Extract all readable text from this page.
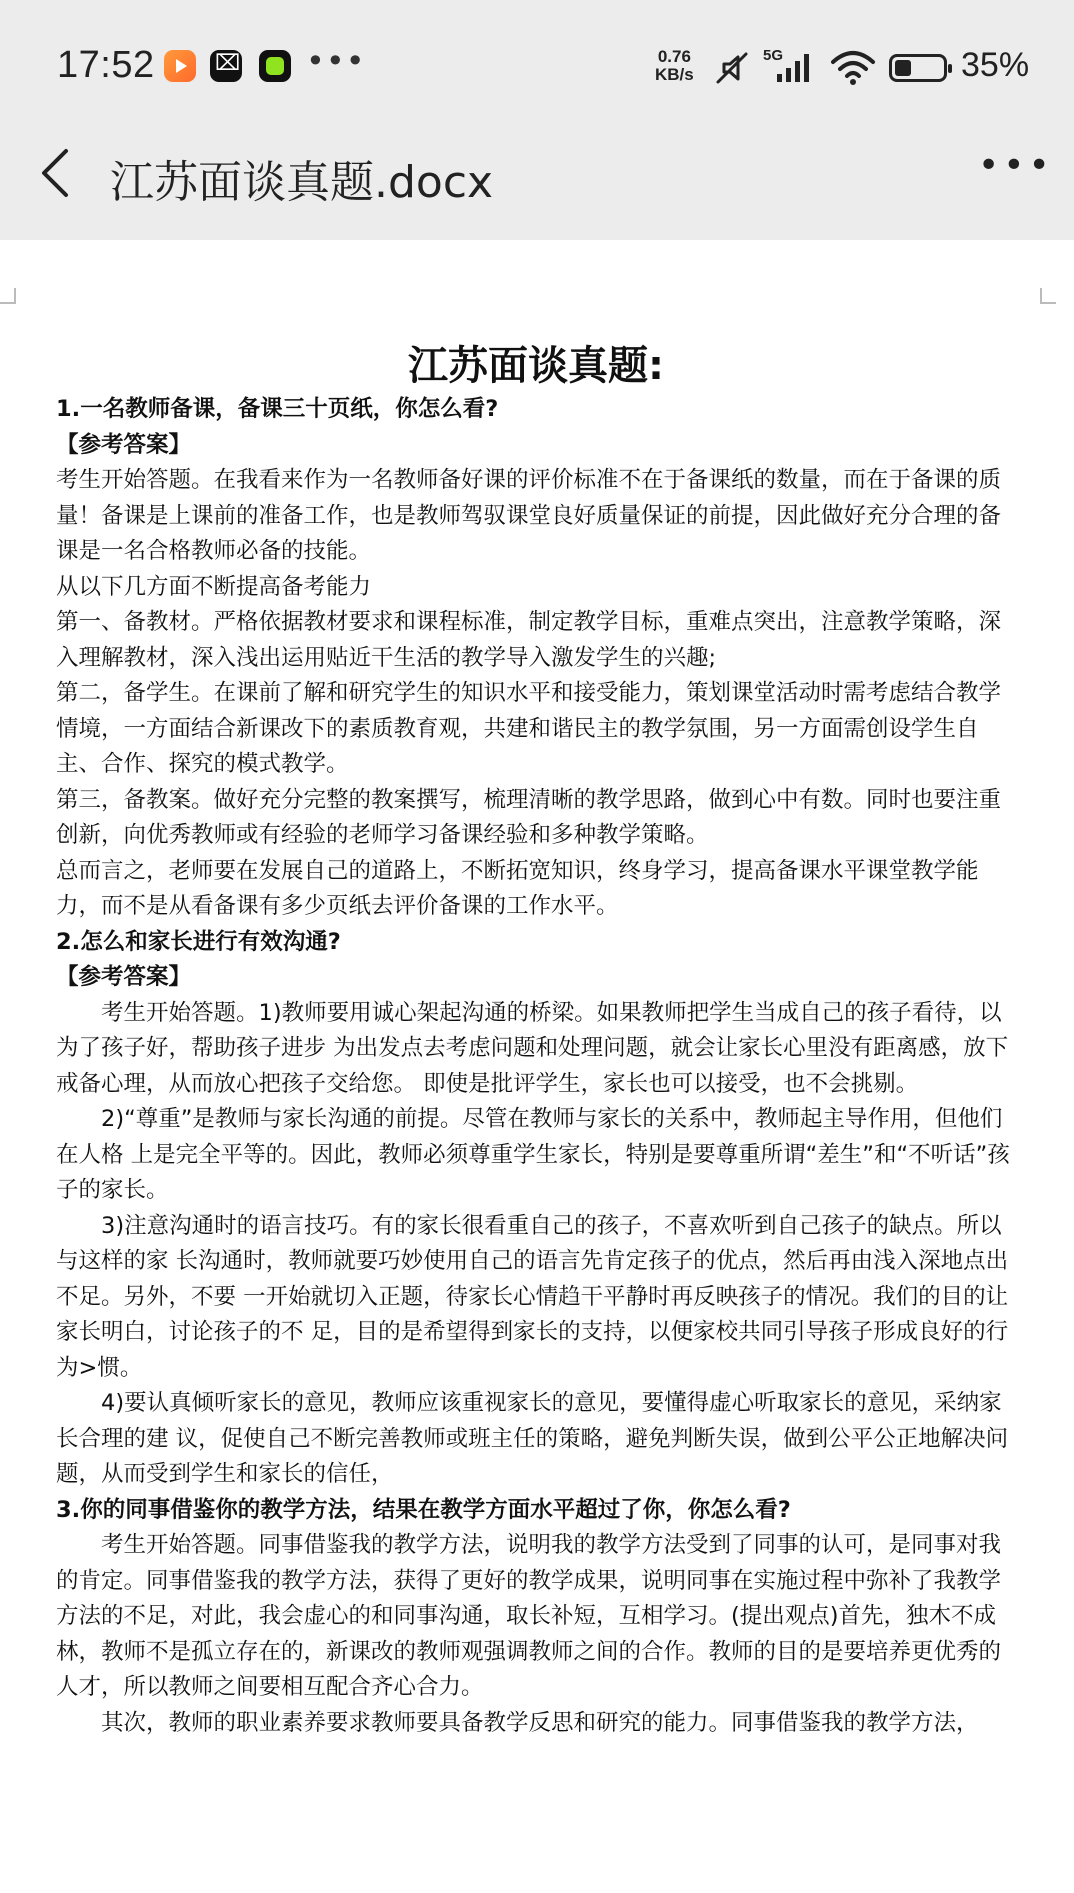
17:52
⌧	•••	0.76
KB/s
5G	35%
江苏面谈真题.docx	•••

江苏面谈真题:

1.一名教师备课，备课三十页纸，你怎么看?

【参考答案】

考生开始答题。在我看来作为一名教师备好课的评价标准不在于备课纸的数量，而在于备课的质量！备课是上课前的准备工作，也是教师驾驭课堂良好质量保证的前提，因此做好充分合理的备课是一名合格教师必备的技能。

从以下几方面不断提高备考能力

第一、备教材。严格依据教材要求和课程标准，制定教学目标，重难点突出，注意教学策略，深入理解教材，深入浅出运用贴近干生活的教学导入激发学生的兴趣;

第二，备学生。在课前了解和研究学生的知识水平和接受能力，策划课堂活动时需考虑结合教学情境，一方面结合新课改下的素质教育观，共建和谐民主的教学氛围，另一方面需创设学生自主、合作、探究的模式教学。

第三，备教案。做好充分完整的教案撰写，梳理清晰的教学思路，做到心中有数。同时也要注重创新，向优秀教师或有经验的老师学习备课经验和多种教学策略。

总而言之，老师要在发展自己的道路上，不断拓宽知识，终身学习，提高备课水平课堂教学能力，而不是从看备课有多少页纸去评价备课的工作水平。

2.怎么和家长进行有效沟通?

【参考答案】

考生开始答题。1)教师要用诚心架起沟通的桥梁。如果教师把学生当成自己的孩子看待，以为了孩子好，帮助孩子进步 为出发点去考虑问题和处理问题，就会让家长心里没有距离感，放下戒备心理，从而放心把孩子交给您。 即使是批评学生，家长也可以接受，也不会挑剔。

2)“尊重”是教师与家长沟通的前提。尽管在教师与家长的关系中，教师起主导作用，但他们在人格 上是完全平等的。因此，教师必须尊重学生家长，特别是要尊重所谓“差生”和“不听话”孩子的家长。

3)注意沟通时的语言技巧。有的家长很看重自己的孩子，不喜欢听到自己孩子的缺点。所以与这样的家 长沟通时，教师就要巧妙使用自己的语言先肯定孩子的优点，然后再由浅入深地点出不足。另外，不要 一开始就切入正题，待家长心情趋干平静时再反映孩子的情况。我们的目的让家长明白，讨论孩子的不 足，目的是希望得到家长的支持，以便家校共同引导孩子形成良好的行为>惯。

4)要认真倾听家长的意见，教师应该重视家长的意见，要懂得虚心听取家长的意见，采纳家长合理的建 议，促使自己不断完善教师或班主任的策略，避免判断失误，做到公平公正地解决问题，从而受到学生和家长的信任，

3.你的同事借鉴你的教学方法，结果在教学方面水平超过了你，你怎么看?

考生开始答题。同事借鉴我的教学方法，说明我的教学方法受到了同事的认可，是同事对我的肯定。同事借鉴我的教学方法，获得了更好的教学成果，说明同事在实施过程中弥补了我教学方法的不足，对此，我会虚心的和同事沟通，取长补短，互相学习。(提出观点)首先，独木不成林，教师不是孤立存在的，新课改的教师观强调教师之间的合作。教师的目的是要培养更优秀的人才，所以教师之间要相互配合齐心合力。

其次，教师的职业素养要求教师要具备教学反思和研究的能力。同事借鉴我的教学方法，
